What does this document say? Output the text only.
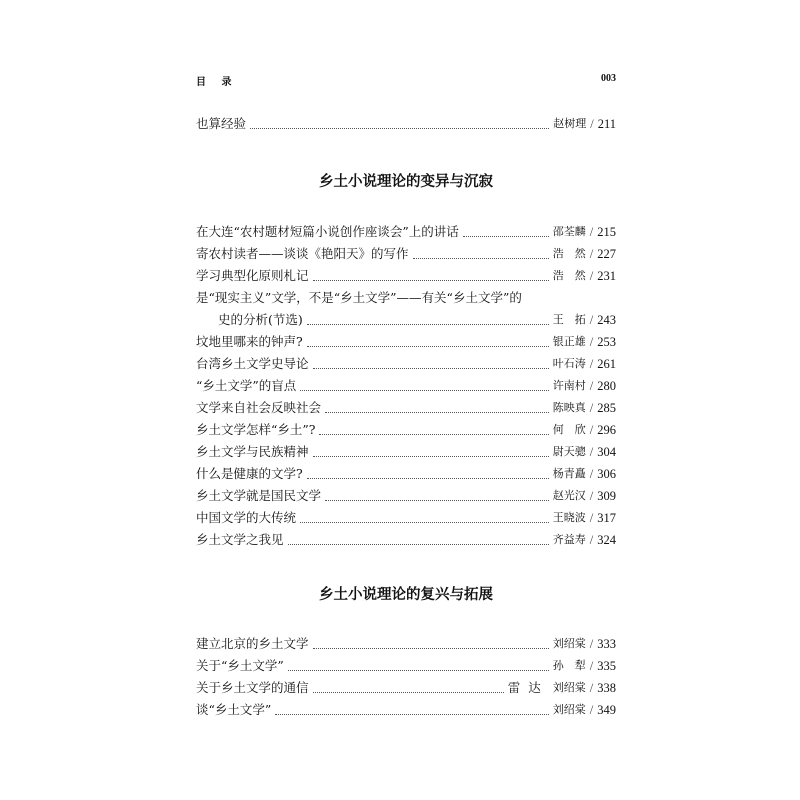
目 录	003
也算经验	赵树理 / 211
乡土小说理论的变异与沉寂
在大连“农村题材短篇小说创作座谈会”上的讲话	邵荃麟 / 215
寄农村读者——谈谈《艳阳天》的写作	浩　然 / 227
学习典型化原则札记	浩　然 / 231
是“现实主义”文学，不是“乡土文学”——有关“乡土文学”的
史的分析(节选)	王　拓 / 243
坟地里哪来的钟声?	银正雄 / 253
台湾乡土文学史导论	叶石涛 / 261
“乡土文学”的盲点	许南村 / 280
文学来自社会反映社会	陈映真 / 285
乡土文学怎样“乡土”?	何　欣 / 296
乡土文学与民族精神	尉天骢 / 304
什么是健康的文学?	杨青矗 / 306
乡土文学就是国民文学	赵光汉 / 309
中国文学的大传统	王晓波 / 317
乡土文学之我见	齐益寿 / 324
乡土小说理论的复兴与拓展
建立北京的乡土文学	刘绍棠 / 333
关于“乡土文学”	孙　犁 / 335
关于乡土文学的通信	雷达 刘绍棠 / 338
谈“乡土文学”	刘绍棠 / 349
